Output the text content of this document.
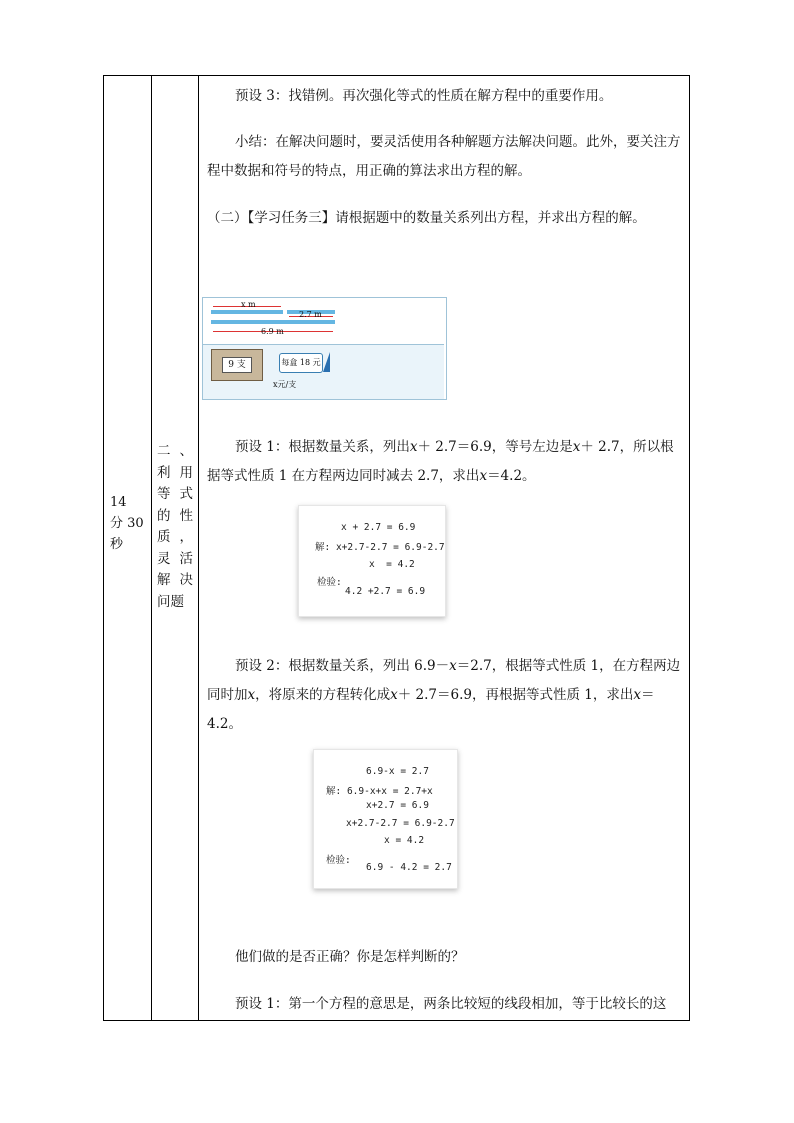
14
分 30
秒
二、
利用
等式
的性
质，
灵活
解决
问题
预设 3：找错例。再次强化等式的性质在解方程中的重要作用。
小结：在解决问题时，要灵活使用各种解题方法解决问题。此外，要关注方程中数据和符号的特点，用正确的算法求出方程的解。
（二）【学习任务三】请根据题中的数量关系列出方程，并求出方程的解。
预设 1：根据数量关系，列出x＋ 2.7＝6.9，等号左边是x＋ 2.7，所以根据等式性质 1 在方程两边同时减去 2.7，求出x＝4.2。
预设 2：根据数量关系，列出 6.9－x＝2.7，根据等式性质 1，在方程两边同时加x，将原来的方程转化成x＋ 2.7＝6.9，再根据等式性质 1，求出x＝4.2。
他们做的是否正确？你是怎样判断的？
预设 1：第一个方程的意思是，两条比较短的线段相加，等于比较长的这
x m
2.7 m
6.9 m
9 支	每盒 18 元
x元/支
x + 2.7 = 6.9
解: x+2.7-2.7 = 6.9-2.7
x  = 4.2
检验:
4.2 +2.7 = 6.9
6.9-x = 2.7
解: 6.9-x+x = 2.7+x
x+2.7 = 6.9
x+2.7-2.7 = 6.9-2.7
x = 4.2
检验:
6.9 - 4.2 = 2.7
